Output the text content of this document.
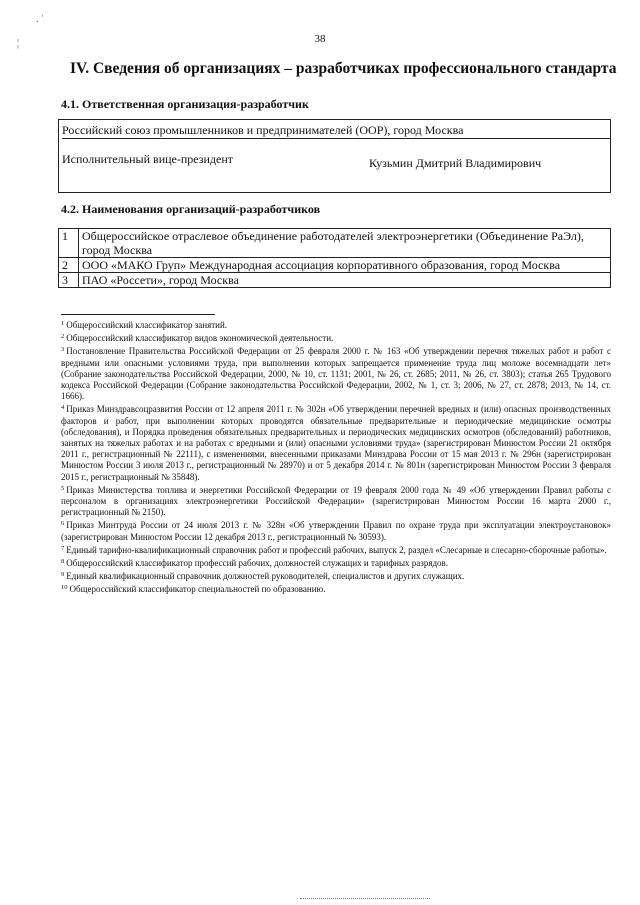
. ˈ
¦	38
IV. Сведения об организациях – разработчиках профессионального стандарта
4.1. Ответственная организация-разработчик
Российский союз промышленников и предпринимателей (ООР), город Москва
Исполнительный вице-президент	Кузьмин Дмитрий Владимирович
4.2. Наименования организаций-разработчиков
1	Общероссийское отраслевое объединение работодателей электроэнергетики (Объединение РаЭл), город Москва
2	ООО «МАКО Груп» Международная ассоциация корпоративного образования, город Москва
3	ПАО «Россети», город Москва

$^1$ Общероссийский классификатор занятий.

$^2$ Общероссийский классификатор видов экономической деятельности.

$^3$ Постановление Правительства Российской Федерации от 25 февраля 2000 г. № 163 «Об утверждении перечня тяжелых работ и работ с вредными или опасными условиями труда, при выполнении которых запрещается применение труда лиц моложе восемнадцати лет» (Собрание законодательства Российской Федерации, 2000, № 10, ст. 1131; 2001, № 26, ст. 2685; 2011, № 26, ст. 3803); статья 265 Трудового кодекса Российской Федерации (Собрание законодательства Российской Федерации, 2002, № 1, ст. 3; 2006, № 27, ст. 2878; 2013, № 14, ст. 1666).

$^4$ Приказ Минздравсоцразвития России от 12 апреля 2011 г. № 302н «Об утверждении перечней вредных и (или) опасных производственных факторов и работ, при выполнении которых проводятся обязательные предварительные и периодические медицинские осмотры (обследования), и Порядка проведения обязательных предварительных и периодических медицинских осмотров (обследований) работников, занятых на тяжелых работах и на работах с вредными и (или) опасными условиями труда» (зарегистрирован Минюстом России 21 октября 2011 г., регистрационный № 22111), с изменениями, внесенными приказами Минздрава России от 15 мая 2013 г. № 296н (зарегистрирован Минюстом России 3 июля 2013 г., регистрационный № 28970) и от 5 декабря 2014 г. № 801н (зарегистрирован Минюстом России 3 февраля 2015 г., регистрационный № 35848).

$^5$ Приказ Министерства топлива и энергетики Российской Федерации от 19 февраля 2000 года № 49 «Об утверждении Правил работы с персоналом в организациях электроэнергетики Российской Федерации» (зарегистрирован Минюстом России 16 марта 2000 г., регистрационный № 2150).

$^6$ Приказ Минтруда России от 24 июля 2013 г. № 328н «Об утверждении Правил по охране труда при эксплуатации электроустановок» (зарегистрирован Минюстом России 12 декабря 2013 г., регистрационный № 30593).

$^7$ Единый тарифно-квалификационный справочник работ и профессий рабочих, выпуск 2, раздел «Слесарные и слесарно-сборочные работы».

$^8$ Общероссийский классификатор профессий рабочих, должностей служащих и тарифных разрядов.

$^9$ Единый квалификационный справочник должностей руководителей, специалистов и других служащих.

$^{10}$ Общероссийский классификатор специальностей по образованию.
